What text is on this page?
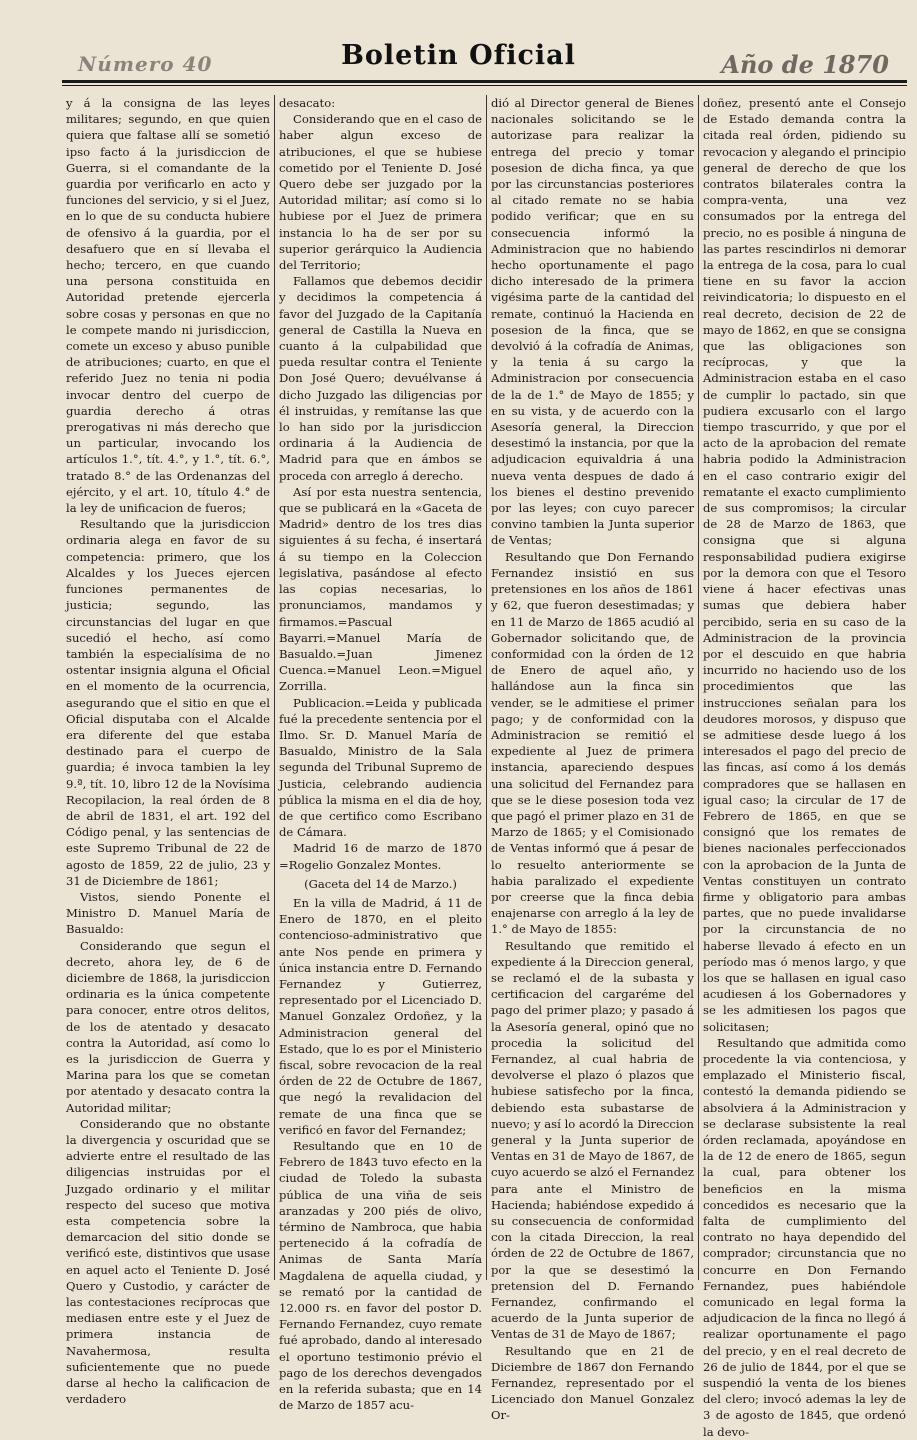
Número 40	Boletin Oficial	Año de 1870

y á la consigna de las leyes militares; segundo, en que quien quiera que faltase allí se sometió ipso facto á la jurisdiccion de Guerra, si el comandante de la guardia por verificarlo en acto y funciones del servicio, y si el Juez, en lo que de su conducta hubiere de ofensivo á la guardia, por el desafuero que en sí llevaba el hecho; tercero, en que cuando una persona constituida en Autoridad pretende ejercerla sobre cosas y personas en que no le compete mando ni jurisdiccion, comete un exceso y abuso punible de atribuciones; cuarto, en que el referido Juez no tenia ni podia invocar dentro del cuerpo de guardia derecho á otras prerogativas ni más derecho que un particular, invocando los artículos 1.°, tít. 4.°, y 1.°, tít. 6.°, tratado 8.° de las Ordenanzas del ejército, y el art. 10, título 4.° de la ley de unificacion de fueros;

Resultando que la jurisdiccion ordinaria alega en favor de su competencia: primero, que los Alcaldes y los Jueces ejercen funciones permanentes de justicia; segundo, las circunstancias del lugar en que sucedió el hecho, así como también la especialísima de no ostentar insignia alguna el Oficial en el momento de la ocurrencia, asegurando que el sitio en que el Oficial disputaba con el Alcalde era diferente del que estaba destinado para el cuerpo de guardia; é invoca tambien la ley 9.ª, tít. 10, libro 12 de la Novísima Recopilacion, la real órden de 8 de abril de 1831, el art. 192 del Código penal, y las sentencias de este Supremo Tribunal de 22 de agosto de 1859, 22 de julio, 23 y 31 de Diciembre de 1861;

Vistos, siendo Ponente el Ministro D. Manuel María de Basualdo:

Considerando que segun el decreto, ahora ley, de 6 de diciembre de 1868, la jurisdiccion ordinaria es la única competente para conocer, entre otros delitos, de los de atentado y desacato contra la Autoridad, así como lo es la jurisdiccion de Guerra y Marina para los que se cometan por atentado y desacato contra la Autoridad militar;

Considerando que no obstante la divergencia y oscuridad que se advierte entre el resultado de las diligencias instruidas por el Juzgado ordinario y el militar respecto del suceso que motiva esta competencia sobre la demarcacion del sitio donde se verificó este, distintivos que usase en aquel acto el Teniente D. José Quero y Custodio, y carácter de las contestaciones recíprocas que mediasen entre este y el Juez de primera instancia de Navahermosa, resulta suficientemente que no puede darse al hecho la calificacion de verdadero

desacato:

Considerando que en el caso de haber algun exceso de atribuciones, el que se hubiese cometido por el Teniente D. José Quero debe ser juzgado por la Autoridad militar; así como si lo hubiese por el Juez de primera instancia lo ha de ser por su superior gerárquico la Audiencia del Territorio;

Fallamos que debemos decidir y decidimos la competencia á favor del Juzgado de la Capitanía general de Castilla la Nueva en cuanto á la culpabilidad que pueda resultar contra el Teniente Don José Quero; devuélvanse á dicho Juzgado las diligencias por él instruidas, y remítanse las que lo han sido por la jurisdiccion ordinaria á la Audiencia de Madrid para que en ámbos se proceda con arreglo á derecho.

Así por esta nuestra sentencia, que se publicará en la «Gaceta de Madrid» dentro de los tres dias siguientes á su fecha, é insertará á su tiempo en la Coleccion legislativa, pasándose al efecto las copias necesarias, lo pronunciamos, mandamos y firmamos.=Pascual Bayarri.=Manuel María de Basualdo.=Juan Jimenez Cuenca.=Manuel Leon.=Miguel Zorrilla.

Publicacion.=Leida y publicada fué la precedente sentencia por el Ilmo. Sr. D. Manuel María de Basualdo, Ministro de la Sala segunda del Tribunal Supremo de Justicia, celebrando audiencia pública la misma en el dia de hoy, de que certifico como Escribano de Cámara.

Madrid 16 de marzo de 1870 =Rogelio Gonzalez Montes.

(Gaceta del 14 de Marzo.)

En la villa de Madrid, á 11 de Enero de 1870, en el pleito contencioso-administrativo que ante Nos pende en primera y única instancia entre D. Fernando Fernandez y Gutierrez, representado por el Licenciado D. Manuel Gonzalez Ordoñez, y la Administracion general del Estado, que lo es por el Ministerio fiscal, sobre revocacion de la real órden de 22 de Octubre de 1867, que negó la revalidacion del remate de una finca que se verificó en favor del Fernandez;

Resultando que en 10 de Febrero de 1843 tuvo efecto en la ciudad de Toledo la subasta pública de una viña de seis aranzadas y 200 piés de olivo, término de Nambroca, que habia pertenecido á la cofradía de Animas de Santa María Magdalena de aquella ciudad, y se remató por la cantidad de 12.000 rs. en favor del postor D. Fernando Fernandez, cuyo remate fué aprobado, dando al interesado el oportuno testimonio prévio el pago de los derechos devengados en la referida subasta; que en 14 de Marzo de 1857 acu-

dió al Director general de Bienes nacionales solicitando se le autorizase para realizar la entrega del precio y tomar posesion de dicha finca, ya que por las circunstancias posteriores al citado remate no se habia podido verificar; que en su consecuencia informó la Administracion que no habiendo hecho oportunamente el pago dicho interesado de la primera vigésima parte de la cantidad del remate, continuó la Hacienda en posesion de la finca, que se devolvió á la cofradía de Animas, y la tenia á su cargo la Administracion por consecuencia de la de 1.° de Mayo de 1855; y en su vista, y de acuerdo con la Asesoría general, la Direccion desestimó la instancia, por que la adjudicacion equivaldria á una nueva venta despues de dado á los bienes el destino prevenido por las leyes; con cuyo parecer convino tambien la Junta superior de Ventas;

Resultando que Don Fernando Fernandez insistió en sus pretensiones en los años de 1861 y 62, que fueron desestimadas; y en 11 de Marzo de 1865 acudió al Gobernador solicitando que, de conformidad con la órden de 12 de Enero de aquel año, y hallándose aun la finca sin vender, se le admitiese el primer pago; y de conformidad con la Administracion se remitió el expediente al Juez de primera instancia, apareciendo despues una solicitud del Fernandez para que se le diese posesion toda vez que pagó el primer plazo en 31 de Marzo de 1865; y el Comisionado de Ventas informó que á pesar de lo resuelto anteriormente se habia paralizado el expediente por creerse que la finca debia enajenarse con arreglo á la ley de 1.° de Mayo de 1855:

Resultando que remitido el expediente á la Direccion general, se reclamó el de la subasta y certificacion del cargaréme del pago del primer plazo; y pasado á la Asesoría general, opinó que no procedia la solicitud del Fernandez, al cual habria de devolverse el plazo ó plazos que hubiese satisfecho por la finca, debiendo esta subastarse de nuevo; y así lo acordó la Direccion general y la Junta superior de Ventas en 31 de Mayo de 1867, de cuyo acuerdo se alzó el Fernandez para ante el Ministro de Hacienda; habiéndose expedido á su consecuencia de conformidad con la citada Direccion, la real órden de 22 de Octubre de 1867, por la que se desestimó la pretension del D. Fernando Fernandez, confirmando el acuerdo de la Junta superior de Ventas de 31 de Mayo de 1867;

Resultando que en 21 de Diciembre de 1867 don Fernando Fernandez, representado por el Licenciado don Manuel Gonzalez Or-

doñez, presentó ante el Consejo de Estado demanda contra la citada real órden, pidiendo su revocacion y alegando el principio general de derecho de que los contratos bilaterales contra la compra-venta, una vez consumados por la entrega del precio, no es posible á ninguna de las partes rescindirlos ni demorar la entrega de la cosa, para lo cual tiene en su favor la accion reivindicatoria; lo dispuesto en el real decreto, decision de 22 de mayo de 1862, en que se consigna que las obligaciones son recíprocas, y que la Administracion estaba en el caso de cumplir lo pactado, sin que pudiera excusarlo con el largo tiempo trascurrido, y que por el acto de la aprobacion del remate habria podido la Administracion en el caso contrario exigir del rematante el exacto cumplimiento de sus compromisos; la circular de 28 de Marzo de 1863, que consigna que si alguna responsabilidad pudiera exigirse por la demora con que el Tesoro viene á hacer efectivas unas sumas que debiera haber percibido, seria en su caso de la Administracion de la provincia por el descuido en que habria incurrido no haciendo uso de los procedimientos que las instrucciones señalan para los deudores morosos, y dispuso que se admitiese desde luego á los interesados el pago del precio de las fincas, así como á los demás compradores que se hallasen en igual caso; la circular de 17 de Febrero de 1865, en que se consignó que los remates de bienes nacionales perfeccionados con la aprobacion de la Junta de Ventas constituyen un contrato firme y obligatorio para ambas partes, que no puede invalidarse por la circunstancia de no haberse llevado á efecto en un período mas ó menos largo, y que los que se hallasen en igual caso acudiesen á los Gobernadores y se les admitiesen los pagos que solicitasen;

Resultando que admitida como procedente la via contenciosa, y emplazado el Ministerio fiscal, contestó la demanda pidiendo se absolviera á la Administracion y se declarase subsistente la real órden reclamada, apoyándose en la de 12 de enero de 1865, segun la cual, para obtener los beneficios en la misma concedidos es necesario que la falta de cumplimiento del contrato no haya dependido del comprador; circunstancia que no concurre en Don Fernando Fernandez, pues habiéndole comunicado en legal forma la adjudicacion de la finca no llegó á realizar oportunamente el pago del precio, y en el real decreto de 26 de julio de 1844, por el que se suspendió la venta de los bienes del clero; invocó ademas la ley de 3 de agosto de 1845, que ordenó la devo-
